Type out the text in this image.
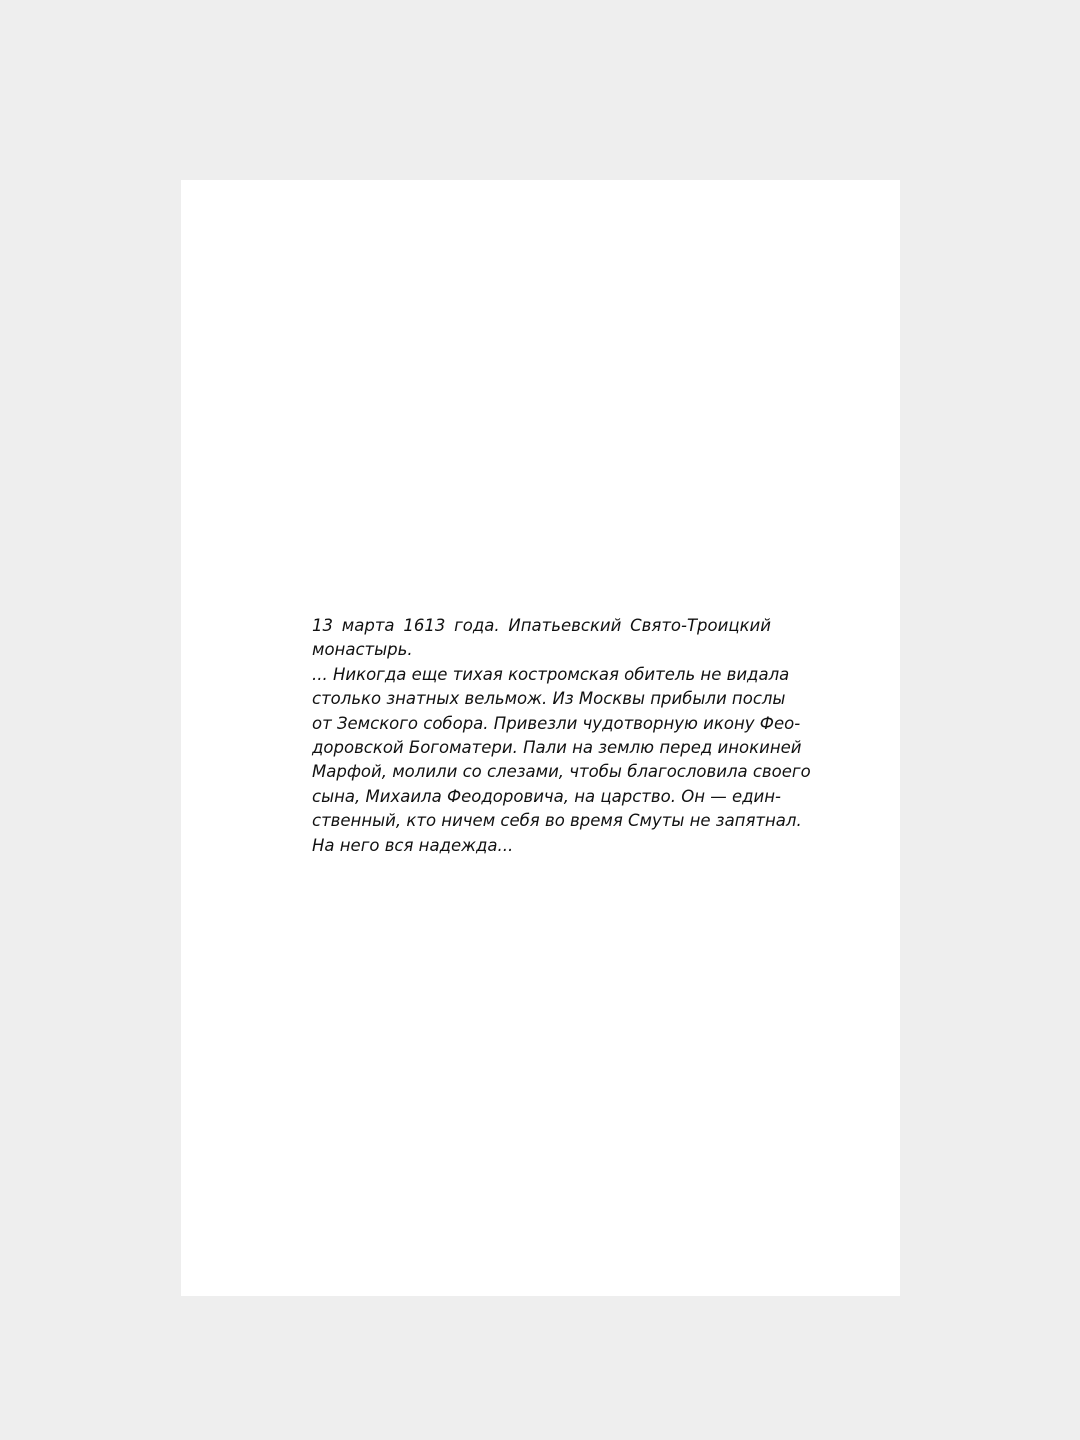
13 марта 1613 года. Ипатьевский Свято-Троицкий
монастырь.
... Никогда еще тихая костромская обитель не видала
столько знатных вельмож. Из Москвы прибыли послы
от Земского собора. Привезли чудотворную икону Фео-
доровской Богоматери. Пали на землю перед инокиней
Марфой, молили со слезами, чтобы благословила своего
сына, Михаила Феодоровича, на царство. Он — един-
ственный, кто ничем себя во время Смуты не запятнал.
На него вся надежда...
